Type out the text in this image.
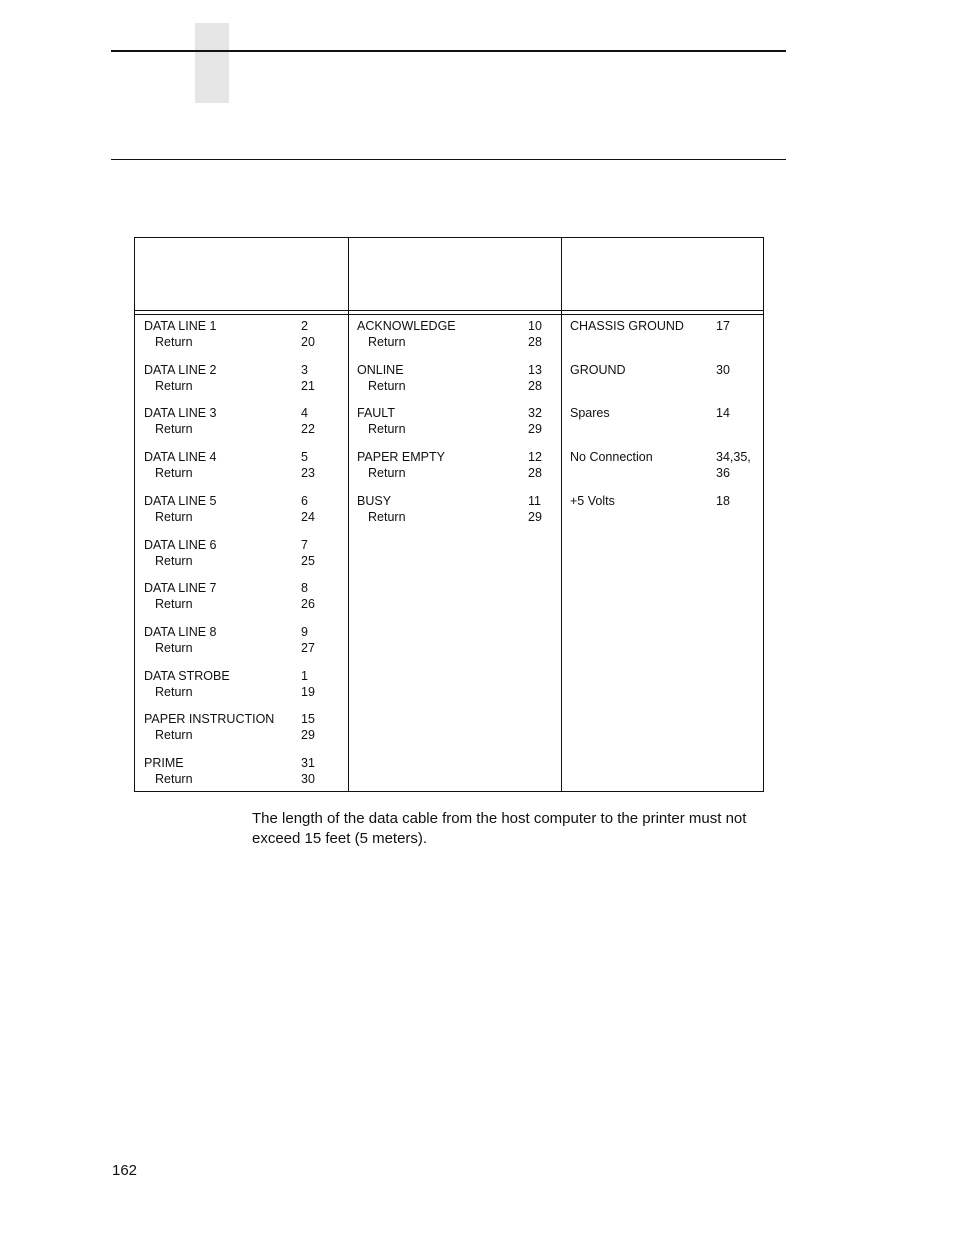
DATA LINE 1	2
Return	20
DATA LINE 2	3
Return	21
DATA LINE 3	4
Return	22
DATA LINE 4	5
Return	23
DATA LINE 5	6
Return	24
DATA LINE 6	7
Return	25
DATA LINE 7	8
Return	26
DATA LINE 8	9
Return	27
DATA STROBE	1
Return	19
PAPER INSTRUCTION 15
Return	29
PRIME	31
Return	30
ACKNOWLEDGE	10
Return	28
ONLINE	13
Return	28
FAULT	32
Return	29
PAPER EMPTY	12
Return	28
BUSY	11
Return	29
CHASSIS GROUND	17
GROUND	30
Spares	14
No Connection	34,35,
36
+5 Volts	18
The length of the data cable from the host computer to the printer must not exceed 15 feet (5 meters).
162
